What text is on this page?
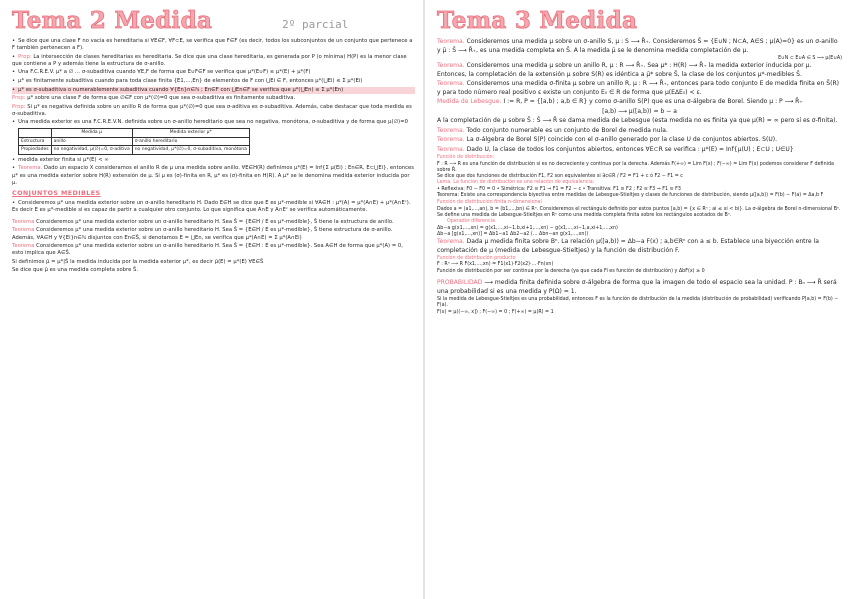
Tema 2 Medida	2º parcial

• Se dice que una clase F no vacía es hereditaria si ∀E∈F, ∀F⊂E, se verifica que F∈F (es decir, todos los subconjuntos de un conjunto que pertenece a F también pertenecen a F).

• Prop: La intersección de clases hereditarias es hereditaria. Se dice que una clase hereditaria, es generada por P (o mínima) H(P) es la menor clase que contiene a P y además tiene la estructura de σ-anillo.

• Una F.C.R.E.V. μ* a ∅ … σ-subaditiva cuando ∀E,F de forma que E∪F∈F se verifica que μ*(E∪F) ≤ μ*(E) + μ*(F)

• μ* es finitamente subaditiva cuando para toda clase finita {E1,…,En} de elementos de F con ⋃Ei ∈ F, entonces μ*(⋃Ei) ≤ Σ μ*(Ei)

• μ* es σ-subaditiva o numerablemente subaditiva cuando ∀{En}n∈ℕ ; En∈F con ⋃En∈F se verifica que μ*(⋃En) ≤ Σ μ*(En)

Prop: μ* sobre una clase F de forma que ∅∈F con μ*(∅)=0 que sea σ-subaditiva es finitamente subaditiva.

Prop: Si μ* es negativa definida sobre un anillo R de forma que μ*(∅)=0 que sea σ-aditiva es σ-subaditiva. Además, cabe destacar que toda medida es σ-subaditiva.

• Una medida exterior es una F.C.R.E.V.N. definida sobre un σ-anillo hereditario que sea no negativa, monótona, σ-subaditiva y de forma que μ(∅)=0

	Medida μ	Medida exterior μ*
Estructura	anillo	σ-anillo hereditario
Propiedades	no negatividad, μ(∅)=0, σ-aditiva	no negatividad, μ*(∅)=0, σ-subaditiva, monótona

• medida exterior finita si μ*(E) < ∞

• Teorema. Dado un espacio X consideramos el anillo R de μ una medida sobre anillo. ∀E∈H(R) definimos μ*(E) = Inf{Σ μ(Ei) ; En∈R, E⊂⋃Ei}, entonces μ* es una medida exterior sobre H(R) extensión de μ. Si μ es (σ)-finita en R, μ* es (σ)-finita en H(R). A μ* se le denomina medida exterior inducida por μ.

CONJUNTOS MEDIBLES

• Consideremos μ* una medida exterior sobre un σ-anillo hereditario H. Dado E∈H se dice que E es μ*-medible si ∀A∈H : μ*(A) = μ*(A∩E) + μ*(A∩Eᶜ). Es decir E es μ*-medible si es capaz de partir a cualquier otro conjunto. Lo que significa que A∩E y A∩Eᶜ se verifica automáticamente.

Teorema Consideremos μ* una medida exterior sobre un σ-anillo hereditario H. Sea S̄ = {E∈H / E es μ*-medible}, S̄ tiene la estructura de anillo.

Teorema Consideremos μ* una medida exterior sobre un σ-anillo hereditario H. Sea S̄ = {E∈H / E es μ*-medible}, S̄ tiene estructura de σ-anillo. Además, ∀A∈H y ∀{Ei}n∈ℕ disjuntos con En∈S̄, si denotamos E = ⋃En, se verifica que μ*(A∩E) = Σ μ*(A∩Ei)

Teorema Consideremos μ* una medida exterior sobre un σ-anillo hereditario H. Sea S̄ = {E∈H : E es μ*-medible}. Sea A∈H de forma que μ*(A) = 0, esto implica que A∈S̄.

Si definimos μ̄ = μ*|S̄ la medida inducida por la medida exterior μ*, es decir μ̄(E) = μ*(E) ∀E∈S̄

Se dice que μ̄ es una medida completa sobre S̄.

Tema 3 Medida

Teorema. Consideremos una medida μ sobre un σ-anillo S, μ : S ⟶ R̄₊. Consideremos S̄ = {E∪N ; N⊂A, A∈S ; μ(A)=0} es un σ-anillo y μ̄ : S̄ ⟶ R̄₊, es una medida completa en S̄. A la medida μ̄ se le denomina medida completación de μ.

E∪N ⊂ E∪A ∈ S ⟹ μ(E∪A)

Teorema. Consideremos una medida μ sobre un anillo R, μ : R ⟶ R̄₊. Sea μ* : H(R) ⟶ R̄₊ la medida exterior inducida por μ. Entonces, la completación de la extensión μ sobre S(R) es idéntica a μ̄* sobre S̄, la clase de los conjuntos μ*-medibles S̄.

Teorema. Consideremos una medida σ-finita μ sobre un anillo R, μ : R ⟶ R̄₊, entonces para todo conjunto E de medida finita en S̄(R) y para todo número real positivo ε existe un conjunto E₀ ∈ R de forma que μ(E∆E₀) < ε.

Medida de Lebesgue. I := R, P = {[a,b) ; a,b ∈ R} y como σ-anillo S(P) que es una σ-álgebra de Borel. Siendo μ : P ⟶ R̄₊

[a,b) ⟶ μ([a,b)) = b − a

A la completación de μ sobre S̄ : S̄ ⟶ R̄ se dama medida de Lebesgue (esta medida no es finita ya que μ(R) = ∞ pero sí es σ-finita).

Teorema. Todo conjunto numerable es un conjunto de Borel de medida nula.

Teorema. La σ-álgebra de Borel S(P) coincide con el σ-anillo generado por la clase U de conjuntos abiertos. S(U).

Teorema. Dado U, la clase de todos los conjuntos abiertos, entonces ∀E⊂R se verifica : μ*(E) = Inf{μ(U) ; E⊂U ; U∈U}

Función de distribución:

F : R ⟶ R es una función de distribución si es no decreciente y continua por la derecha. Además F(+∞) = Lim F(x) ; F(−∞) = Lim F(x) podemos considerar F definida sobre R̄.

Se dice que dos funciones de distribución F1, F2 son equivalentes si ∃c∈R / F2 = F1 + c ó F2 − F1 = c

Lema. La función de distribución es una relación de equivalencia:

• Reflexiva: F0 − F0 = 0 • Simétrica: F2 ≅ F1 ⇒ F1 = F2 − c • Transitiva: F1 ≅ F2 ; F2 ≅ F3 ⇒ F1 ≅ F3

Teorema: Existe una correspondencia biyectiva entre medidas de Lebesgue-Stieltjes y clases de funciones de distribución, siendo μ([a,b)) = F(b) − F(a) = Δa,b F

Función de distribución finita n-dimensional

Dados a = (a1,…,an), b = (b1,…,bn) ∈ Rⁿ. Consideremos el rectángulo definido por estos puntos [a,b) = {x ∈ Rⁿ ; ai ≤ xi < bi}. La σ-álgebra de Borel n-dimensional Bⁿ. Se define una medida de Lebesgue-Stieltjes en Rⁿ como una medida completa finita sobre los rectángulos acotados de Bⁿ.

Operador diferencia

Δb−a g(x1,…,xn) = g(x1,…,xi−1,b,xi+1,…,xn) − g(x1,…,xi−1,a,xi+1,…,xn)

Δb−a [g(x1,…,xn)] = Δb1−a1 Δb2−a2 (… Δbn−an g(x1,…,xn))

Teorema. Dada μ medida finita sobre Bⁿ. La relación μ([a,b)) = Δb−a F(x) ; a,b∈Rⁿ con a ≤ b. Establece una biyección entre la completación de μ (medida de Lebesgue-Stieltjes) y la función de distribución F.

Función de distribución producto

F : Rⁿ ⟶ R F(x1,…,xn) = F1(x1)·F2(x2)·…·Fn(xn)

Función de distribución por ser continua por la derecha (ya que cada Fi es función de distribución) y ΔbF(x) ≥ 0

PROBABILIDAD ⟶ medida finita definida sobre σ-álgebra de forma que la imagen de todo el espacio sea la unidad. P : Bₙ ⟶ R̄ será una probabilidad si es una medida y P(Ω) = 1.

Si la medida de Lebesgue-Stieltjes es una probabilidad, entonces F es la función de distribución de la medida (distribución de probabilidad) verificando P[a,b) = F(b) − F(a).

F(x) = μ((−∞, x]) ; F(−∞) = 0 ; F(+∞) = μ(R) = 1
